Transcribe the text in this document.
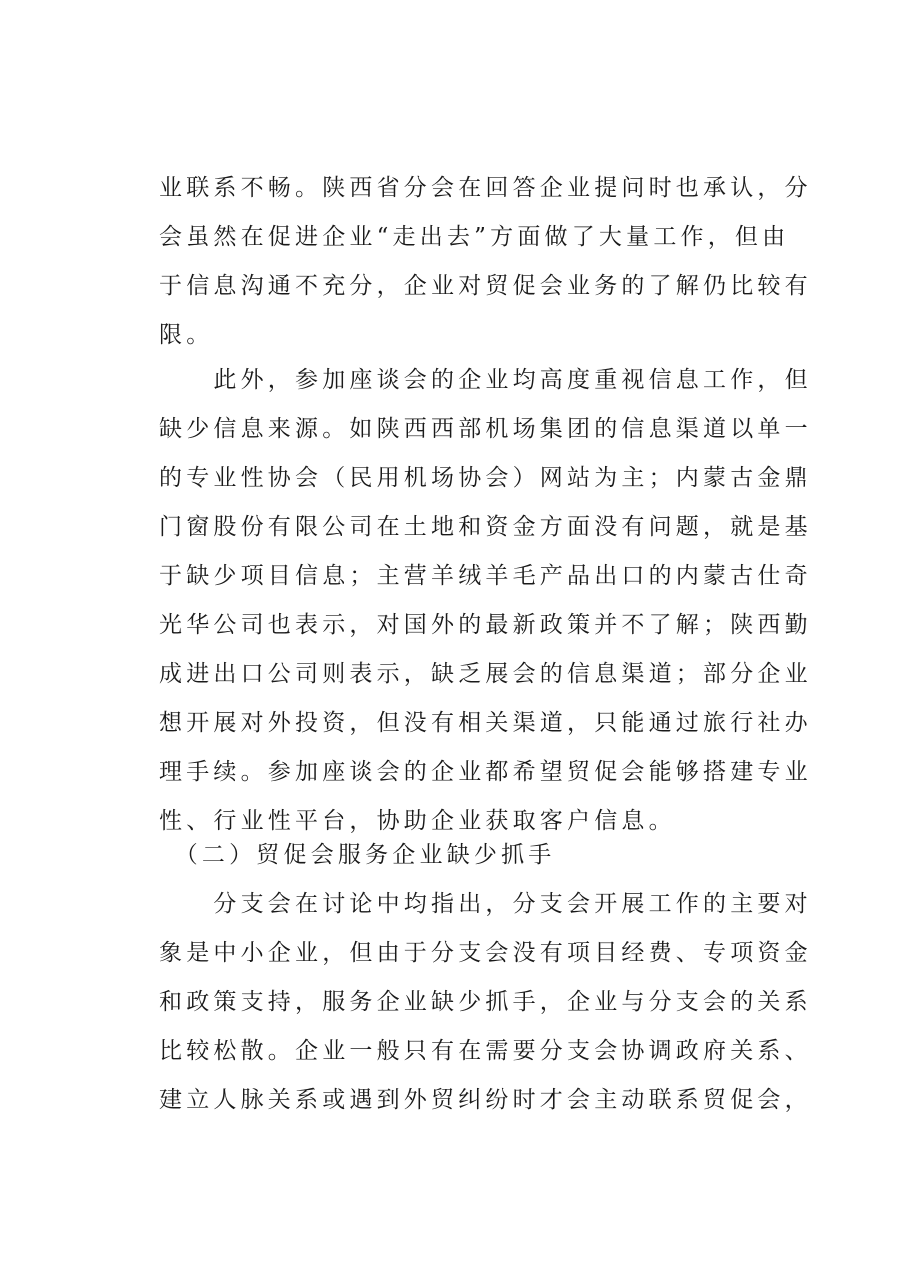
业联系不畅。陕西省分会在回答企业提问时也承认，分
会虽然在促进企业“走出去”方面做了大量工作，但由
于信息沟通不充分，企业对贸促会业务的了解仍比较有
限。
　　此外，参加座谈会的企业均高度重视信息工作，但
缺少信息来源。如陕西西部机场集团的信息渠道以单一
的专业性协会（民用机场协会）网站为主；内蒙古金鼎
门窗股份有限公司在土地和资金方面没有问题，就是基
于缺少项目信息；主营羊绒羊毛产品出口的内蒙古仕奇
光华公司也表示，对国外的最新政策并不了解；陕西勤
成进出口公司则表示，缺乏展会的信息渠道；部分企业
想开展对外投资，但没有相关渠道，只能通过旅行社办
理手续。参加座谈会的企业都希望贸促会能够搭建专业
性、行业性平台，协助企业获取客户信息。
　（二）贸促会服务企业缺少抓手
　　分支会在讨论中均指出，分支会开展工作的主要对
象是中小企业，但由于分支会没有项目经费、专项资金
和政策支持，服务企业缺少抓手，企业与分支会的关系
比较松散。企业一般只有在需要分支会协调政府关系、
建立人脉关系或遇到外贸纠纷时才会主动联系贸促会，
